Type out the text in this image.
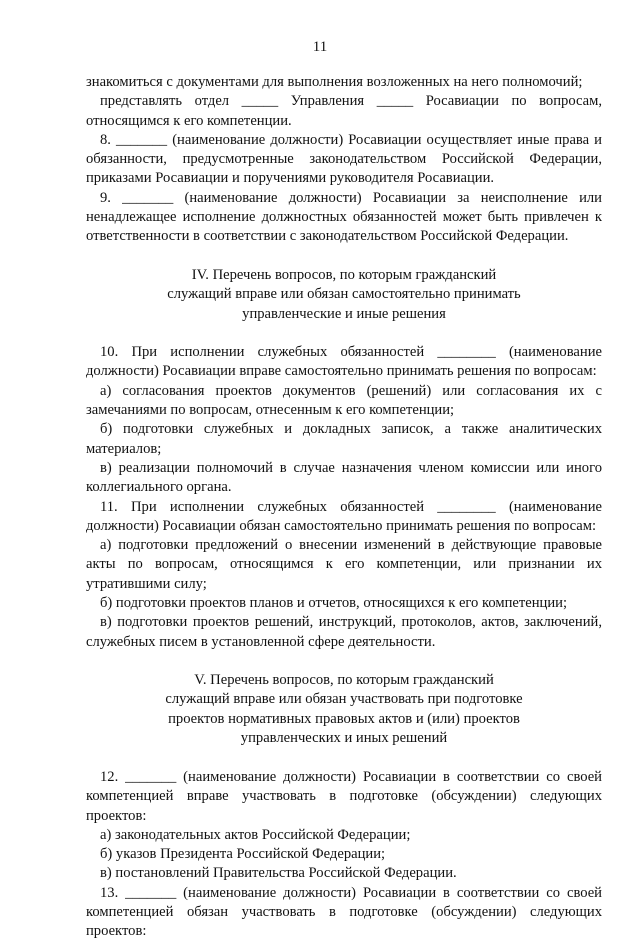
11

знакомиться с документами для выполнения возложенных на него полномочий;

представлять отдел _____ Управления _____ Росавиации по вопросам, относящимся к его компетенции.

8. _______ (наименование должности) Росавиации осуществляет иные права и обязанности, предусмотренные законодательством Российской Федерации, приказами Росавиации и поручениями руководителя Росавиации.

9. _______ (наименование должности) Росавиации за неисполнение или ненадлежащее исполнение должностных обязанностей может быть привлечен к ответственности в соответствии с законодательством Российской Федерации.

IV. Перечень вопросов, по которым гражданский

служащий вправе или обязан самостоятельно принимать

управленческие и иные решения

10. При исполнении служебных обязанностей ________ (наименование должности) Росавиации вправе самостоятельно принимать решения по вопросам:

а) согласования проектов документов (решений) или согласования их с замечаниями по вопросам, отнесенным к его компетенции;

б) подготовки служебных и докладных записок, а также аналитических материалов;

в) реализации полномочий в случае назначения членом комиссии или иного коллегиального органа.

11. При исполнении служебных обязанностей ________ (наименование должности) Росавиации обязан самостоятельно принимать решения по вопросам:

а) подготовки предложений о внесении изменений в действующие правовые акты по вопросам, относящимся к его компетенции, или признании их утратившими силу;

б) подготовки проектов планов и отчетов, относящихся к его компетенции;

в) подготовки проектов решений, инструкций, протоколов, актов, заключений, служебных писем в установленной сфере деятельности.

V. Перечень вопросов, по которым гражданский

служащий вправе или обязан участвовать при подготовке

проектов нормативных правовых актов и (или) проектов

управленческих и иных решений

12. _______ (наименование должности) Росавиации в соответствии со своей компетенцией вправе участвовать в подготовке (обсуждении) следующих проектов:

а) законодательных актов Российской Федерации;

б) указов Президента Российской Федерации;

в) постановлений Правительства Российской Федерации.

13. _______ (наименование должности) Росавиации в соответствии со своей компетенцией обязан участвовать в подготовке (обсуждении) следующих проектов:
